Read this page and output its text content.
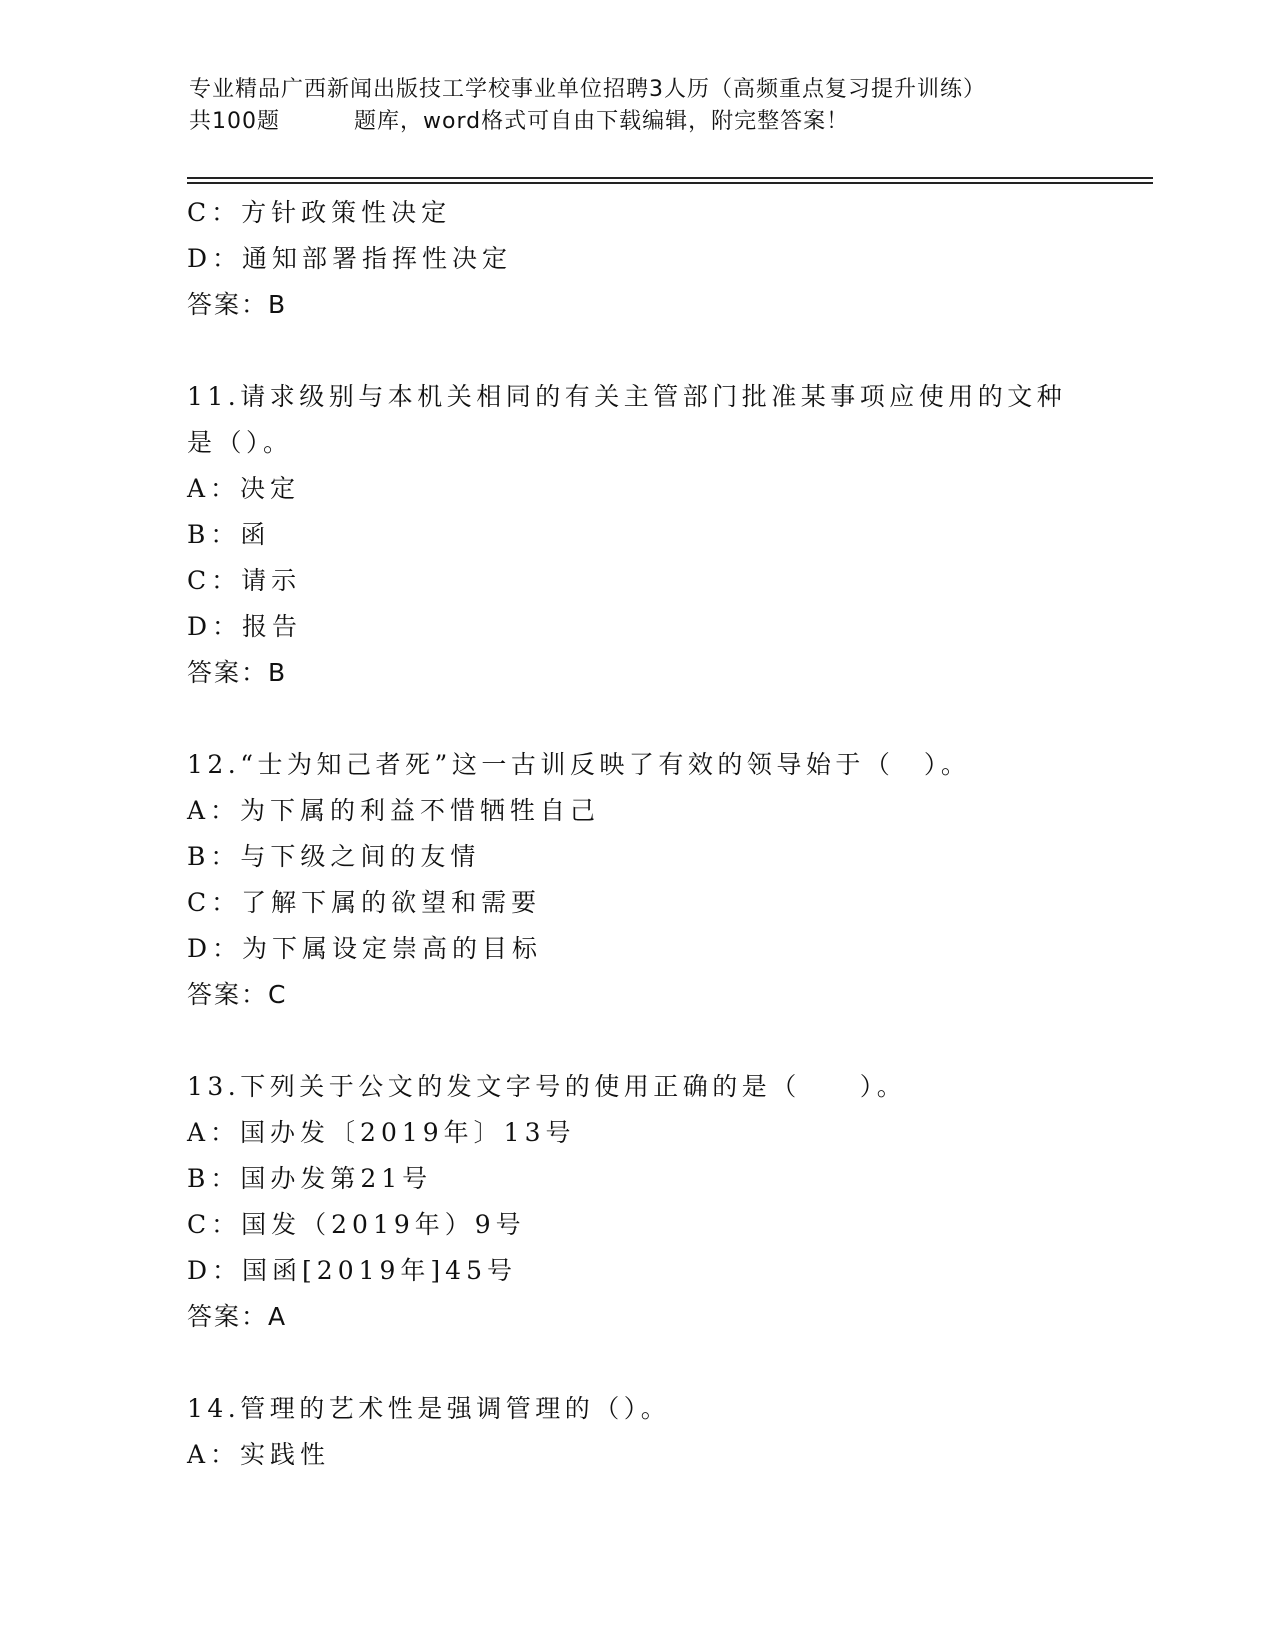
专业精品广西新闻出版技工学校事业单位招聘3人历（高频重点复习提升训练）
共100题	题库，word格式可自由下载编辑，附完整答案！
C：方针政策性决定
D：通知部署指挥性决定
答案：B
11.请求级别与本机关相同的有关主管部门批准某事项应使用的文种是（）。
A：决定
B：函
C：请示
D：报告
答案：B
12.“士为知己者死”这一古训反映了有效的领导始于（　）。
A：为下属的利益不惜牺牲自己
B：与下级之间的友情
C：了解下属的欲望和需要
D：为下属设定崇高的目标
答案：C
13.下列关于公文的发文字号的使用正确的是（　　）。
A：国办发〔2019年〕13号
B：国办发第21号
C：国发（2019年）9号
D：国函[2019年]45号
答案：A
14.管理的艺术性是强调管理的（）。
A：实践性
